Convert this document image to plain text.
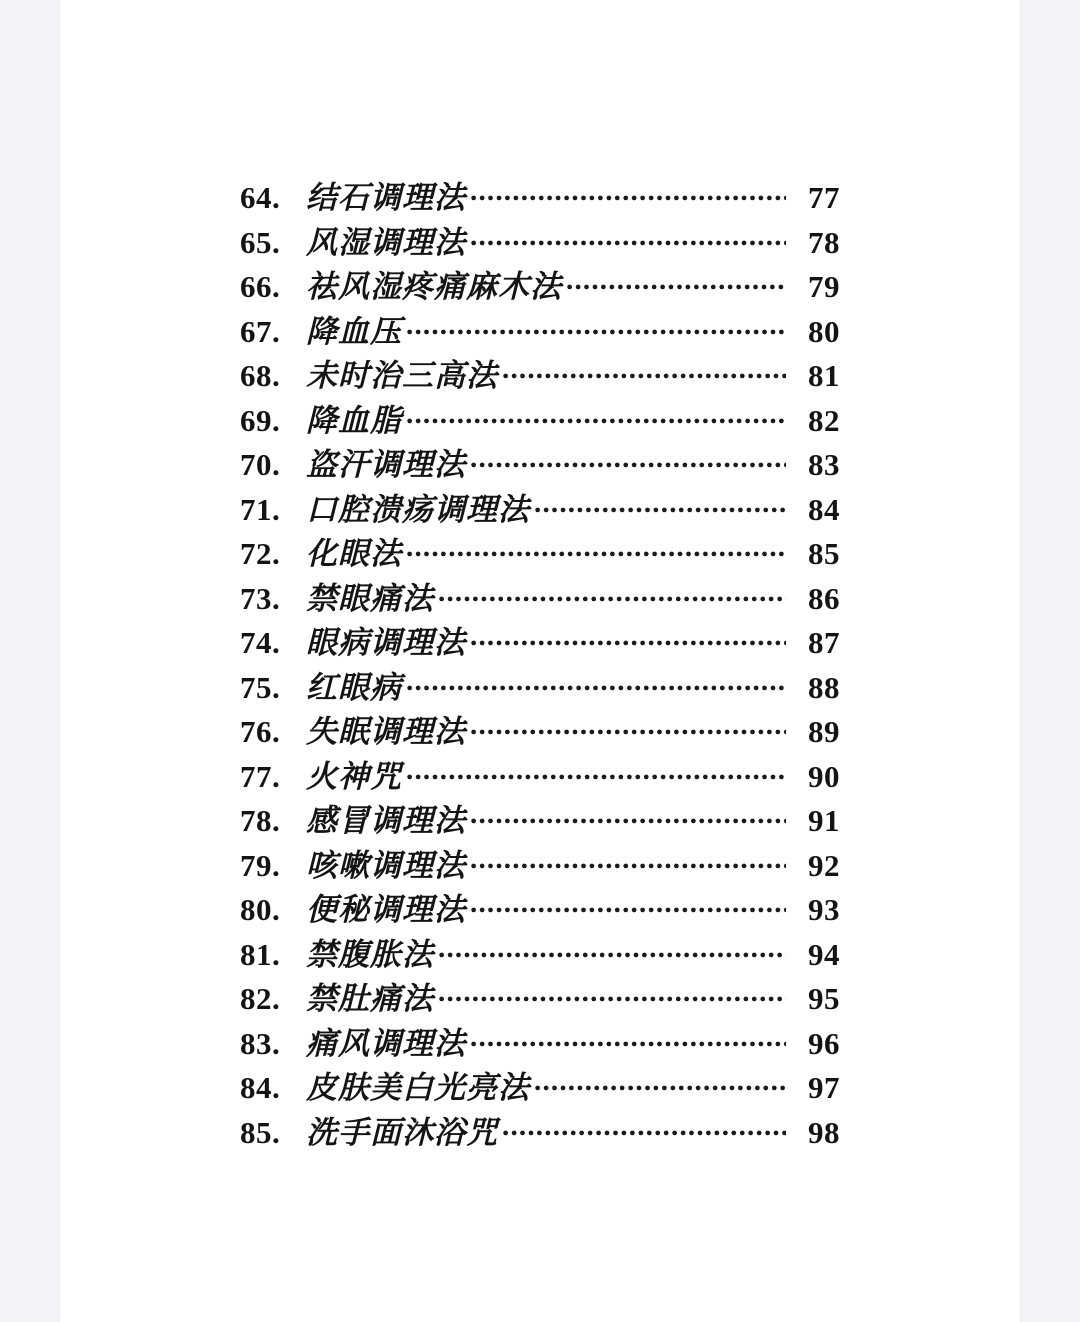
64. 结石调理法 .....	77
65. 风湿调理法 .....	78
66. 祛风湿疼痛麻木法 .....	79
67. 降血压 .....	80
68. 未时治三高法 .....	81
69. 降血脂 .....	82
70. 盗汗调理法 .....	83
71. 口腔溃疡调理法 .....	84
72. 化眼法 .....	85
73. 禁眼痛法 .....	86
74. 眼病调理法 .....	87
75. 红眼病 .....	88
76. 失眠调理法 .....	89
77. 火神咒 .....	90
78. 感冒调理法 .....	91
79. 咳嗽调理法 .....	92
80. 便秘调理法 .....	93
81. 禁腹胀法 .....	94
82. 禁肚痛法 .....	95
83. 痛风调理法 .....	96
84. 皮肤美白光亮法 .....	97
85. 洗手面沐浴咒 .....	98
